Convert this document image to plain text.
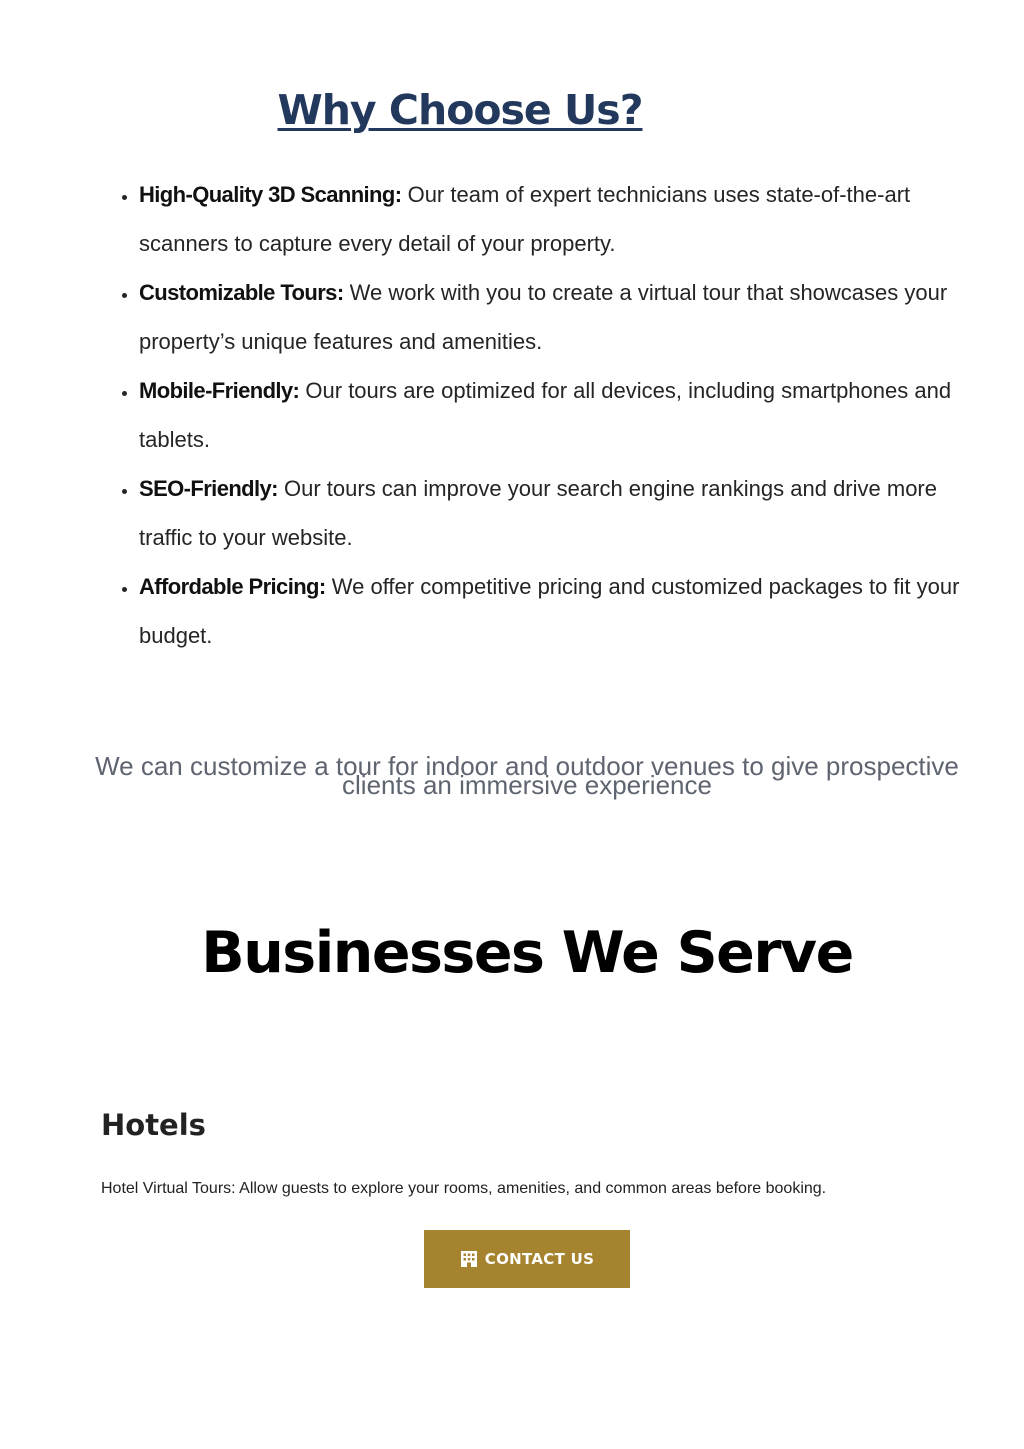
Why Choose Us?
• High-Quality 3D Scanning: Our team of expert technicians uses state-of-the-art scanners to capture every detail of your property.
• Customizable Tours: We work with you to create a virtual tour that showcases your property’s unique features and amenities.
• Mobile-Friendly: Our tours are optimized for all devices, including smartphones and tablets.
• SEO-Friendly: Our tours can improve your search engine rankings and drive more traffic to your website.
• Affordable Pricing: We offer competitive pricing and customized packages to fit your budget.

We can customize a tour for indoor and outdoor venues to give prospective clients an immersive experience

Businesses We Serve
Hotels

Hotel Virtual Tours: Allow guests to explore your rooms, amenities, and common areas before booking.

CONTACT US
